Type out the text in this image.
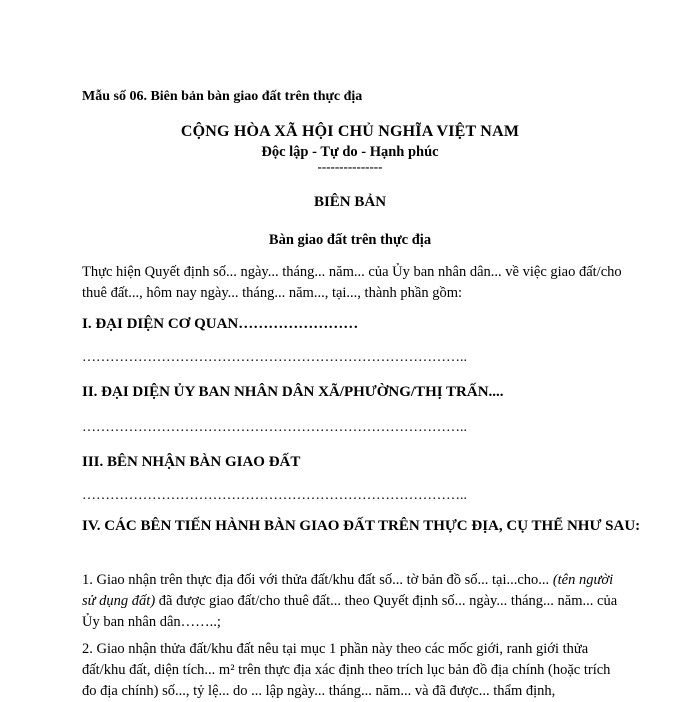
Mẫu số 06. Biên bản bàn giao đất trên thực địa
CỘNG HÒA XÃ HỘI CHỦ NGHĨA VIỆT NAM
Độc lập - Tự do - Hạnh phúc
---------------
BIÊN BẢN
Bàn giao đất trên thực địa
Thực hiện Quyết định số... ngày... tháng... năm... của Ủy ban nhân dân... về việc giao đất/cho thuê đất..., hôm nay ngày... tháng... năm..., tại..., thành phần gồm:
I. ĐẠI DIỆN CƠ QUAN……………………
………………………………………………………………………..
II. ĐẠI DIỆN ỦY BAN NHÂN DÂN XÃ/PHƯỜNG/THỊ TRẤN....
………………………………………………………………………..
III. BÊN NHẬN BÀN GIAO ĐẤT
………………………………………………………………………..
IV. CÁC BÊN TIẾN HÀNH BÀN GIAO ĐẤT TRÊN THỰC ĐỊA, CỤ THỂ NHƯ SAU:
1. Giao nhận trên thực địa đối với thửa đất/khu đất số... tờ bản đồ số... tại...cho... (tên người sử dụng đất) đã được giao đất/cho thuê đất... theo Quyết định số... ngày... tháng... năm... của Ủy ban nhân dân……..;
2. Giao nhận thửa đất/khu đất nêu tại mục 1 phần này theo các mốc giới, ranh giới thửa đất/khu đất, diện tích... m² trên thực địa xác định theo trích lục bản đồ địa chính (hoặc trích đo địa chính) số..., tỷ lệ... do ... lập ngày... tháng... năm... và đã được... thẩm định,
